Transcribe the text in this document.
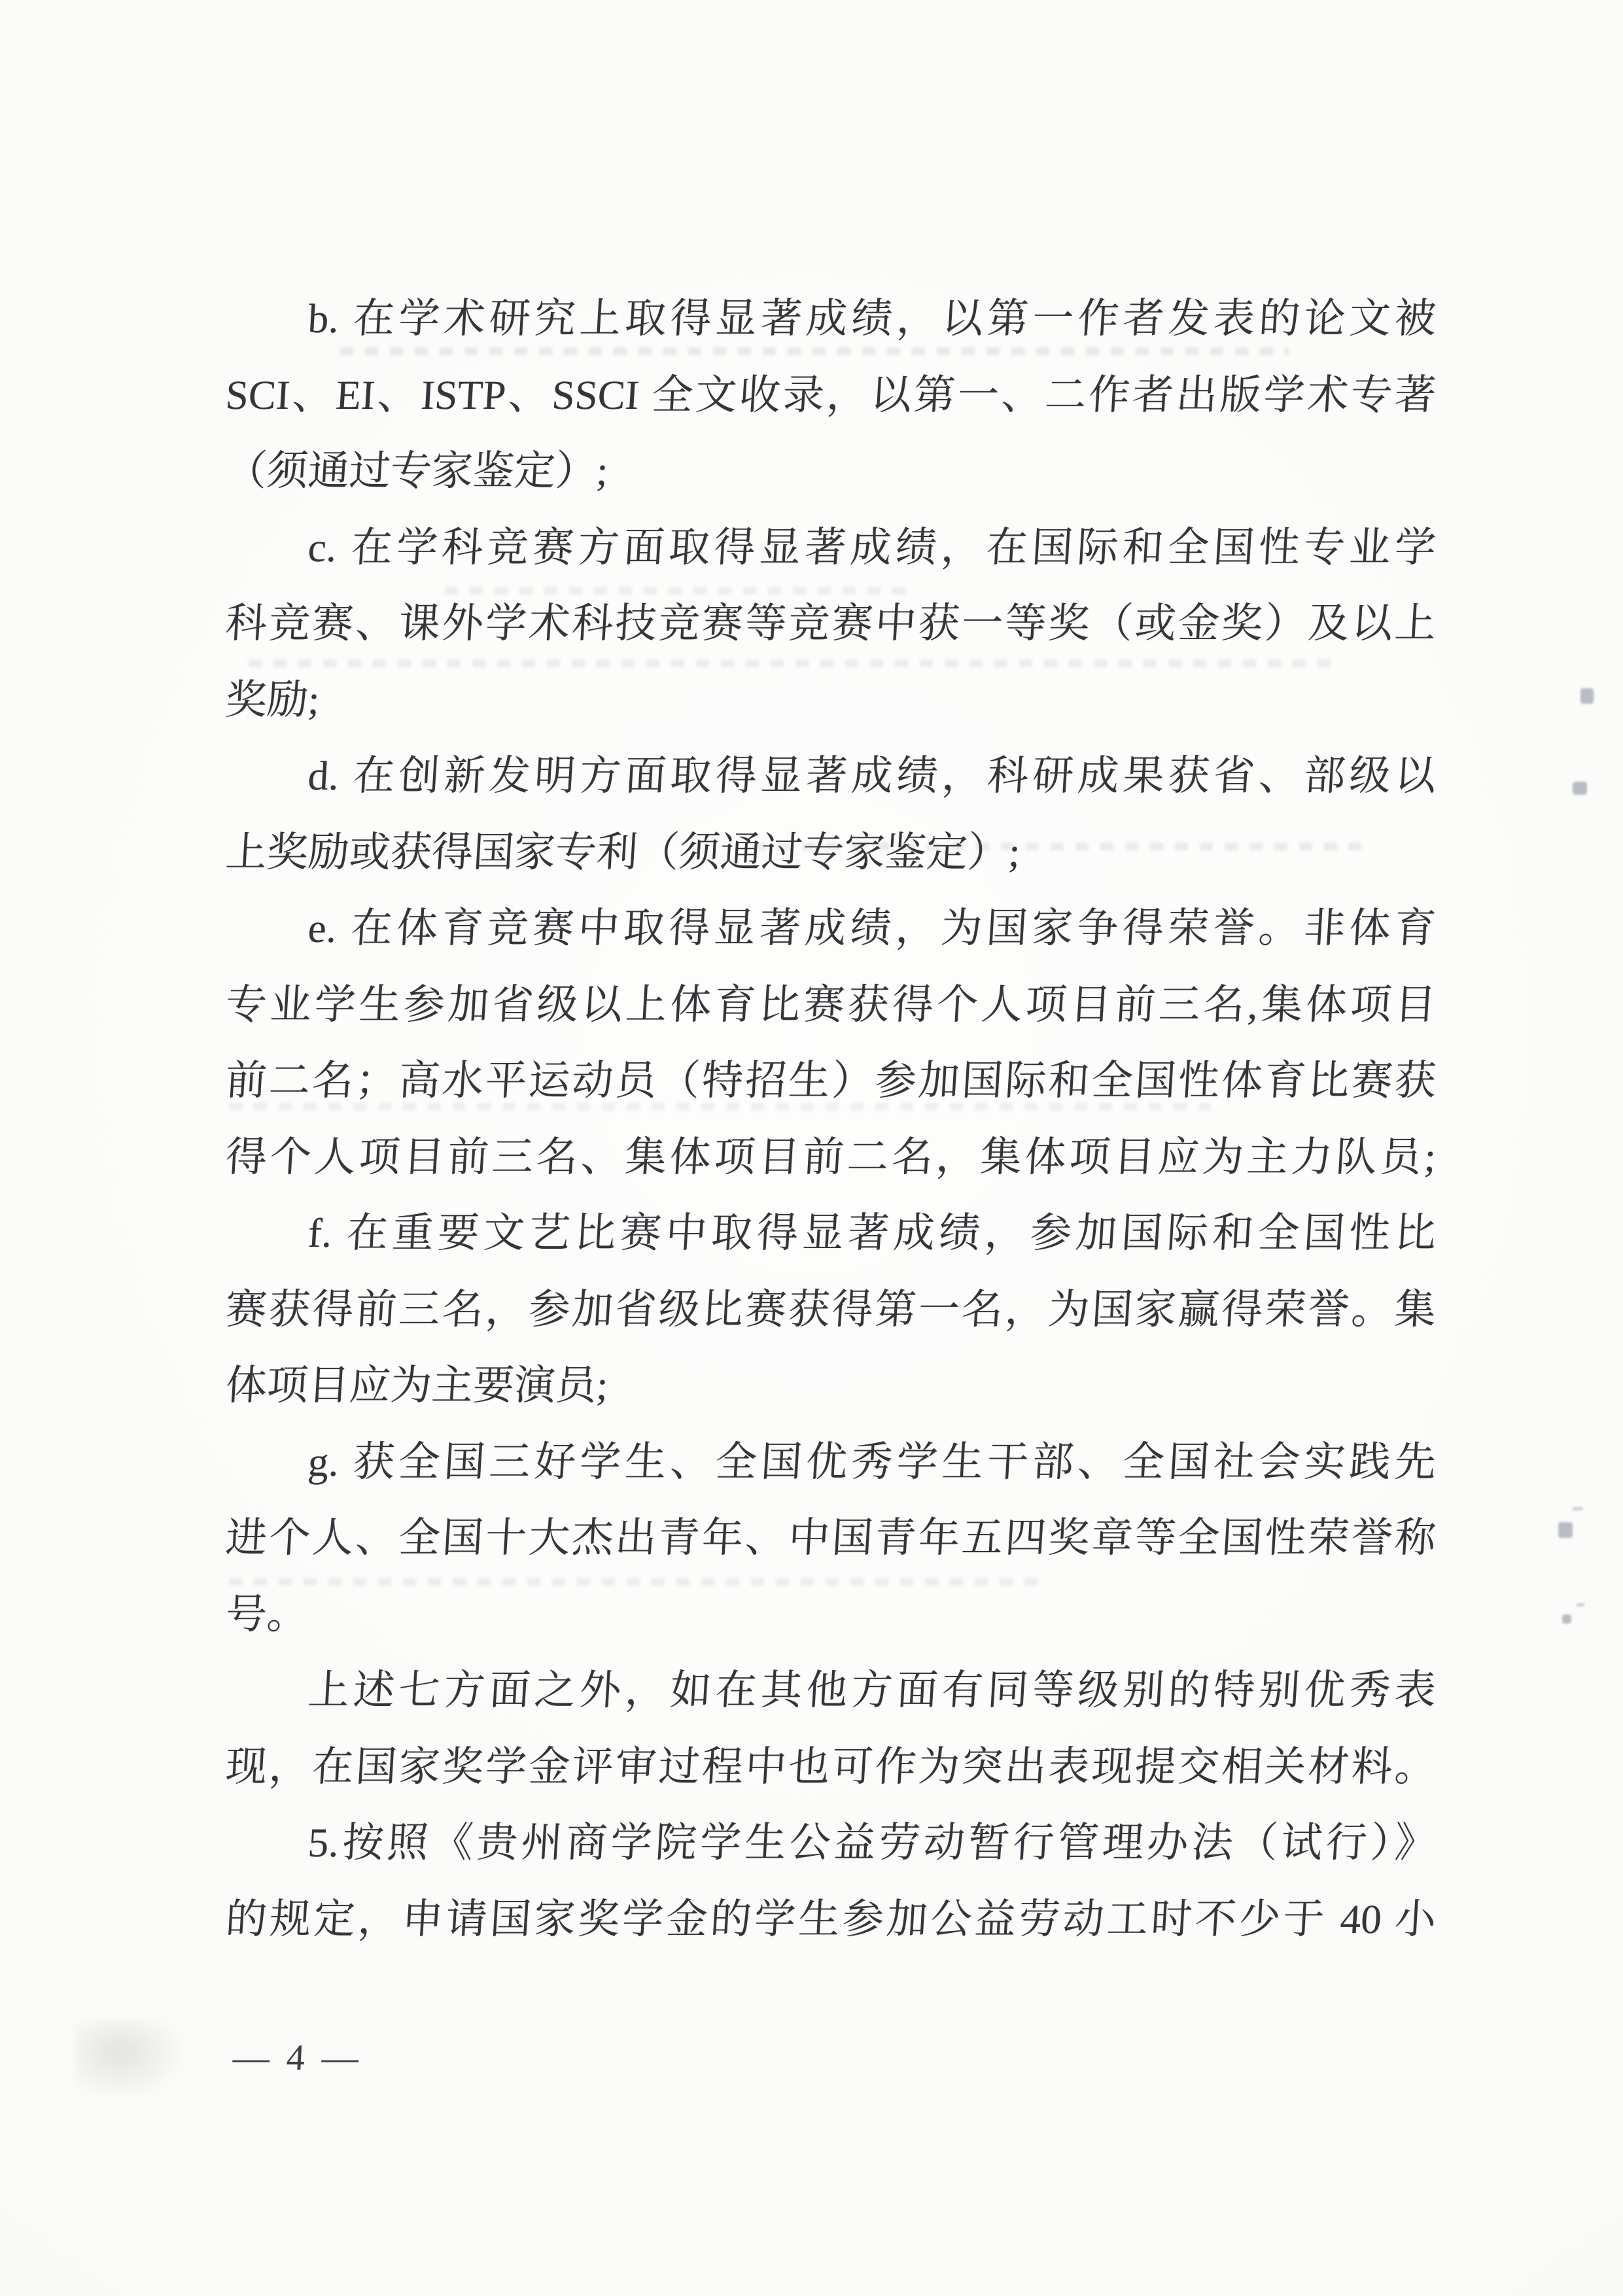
b. 在学术研究上取得显著成绩，以第一作者发表的论文被
SCI、EI、ISTP、SSCI 全文收录，以第一、二作者出版学术专著
（须通过专家鉴定）;
c. 在学科竞赛方面取得显著成绩，在国际和全国性专业学
科竞赛、课外学术科技竞赛等竞赛中获一等奖（或金奖）及以上
奖励;
d. 在创新发明方面取得显著成绩，科研成果获省、部级以
上奖励或获得国家专利（须通过专家鉴定）;
e. 在体育竞赛中取得显著成绩，为国家争得荣誉。非体育
专业学生参加省级以上体育比赛获得个人项目前三名,集体项目
前二名；高水平运动员（特招生）参加国际和全国性体育比赛获
得个人项目前三名、集体项目前二名，集体项目应为主力队员;
f. 在重要文艺比赛中取得显著成绩，参加国际和全国性比
赛获得前三名，参加省级比赛获得第一名，为国家赢得荣誉。集
体项目应为主要演员;
g. 获全国三好学生、全国优秀学生干部、全国社会实践先
进个人、全国十大杰出青年、中国青年五四奖章等全国性荣誉称
号。
上述七方面之外，如在其他方面有同等级别的特别优秀表
现，在国家奖学金评审过程中也可作为突出表现提交相关材料。
5.按照《贵州商学院学生公益劳动暂行管理办法（试行）》
的规定，申请国家奖学金的学生参加公益劳动工时不少于 40 小
— 4 —
